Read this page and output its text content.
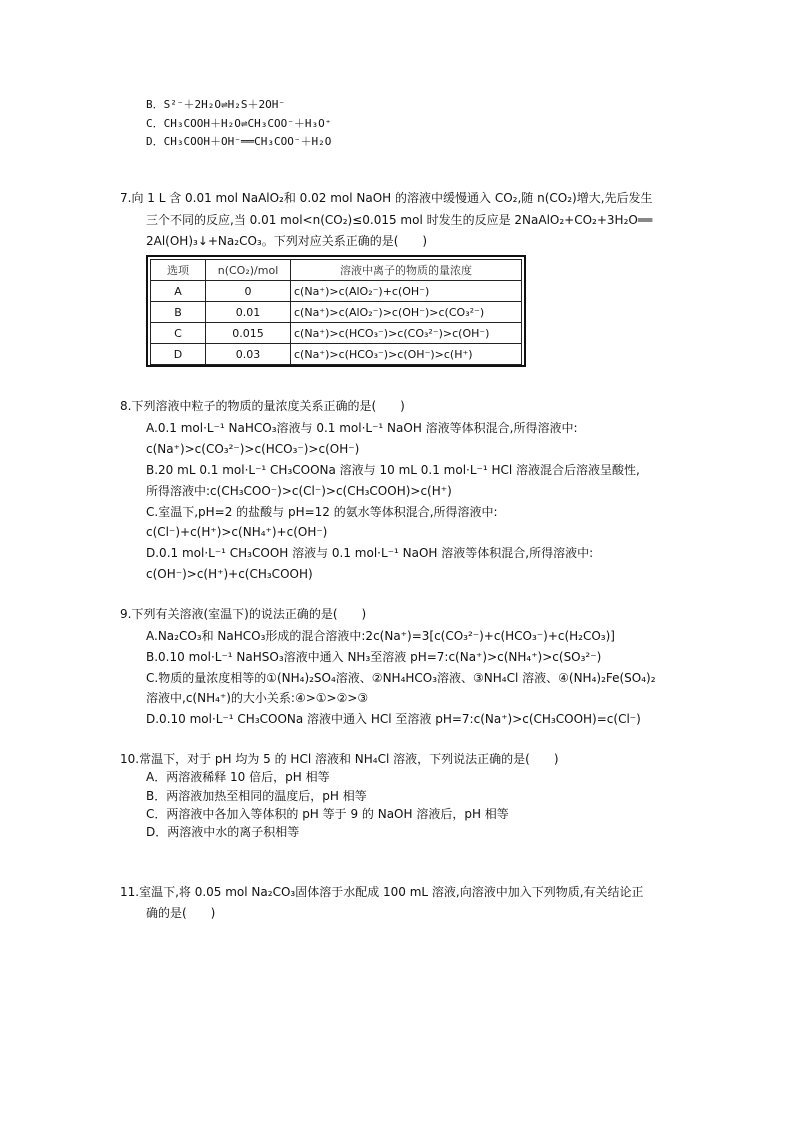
B．S²⁻＋2H₂O⇌H₂S＋2OH⁻
C．CH₃COOH＋H₂O⇌CH₃COO⁻＋H₃O⁺
D．CH₃COOH＋OH⁻══CH₃COO⁻＋H₂O
7.向 1 L 含 0.01 mol NaAlO₂和 0.02 mol NaOH 的溶液中缓慢通入 CO₂,随 n(CO₂)增大,先后发生
三个不同的反应,当 0.01 mol<n(CO₂)≤0.015 mol 时发生的反应是 2NaAlO₂+CO₂+3H₂O══
2Al(OH)₃↓+Na₂CO₃。下列对应关系正确的是(　　)
选项	n(CO₂)/mol	溶液中离子的物质的量浓度
A	0	c(Na⁺)>c(AlO₂⁻)+c(OH⁻)
B	0.01	c(Na⁺)>c(AlO₂⁻)>c(OH⁻)>c(CO₃²⁻)
C	0.015	c(Na⁺)>c(HCO₃⁻)>c(CO₃²⁻)>c(OH⁻)
D	0.03	c(Na⁺)>c(HCO₃⁻)>c(OH⁻)>c(H⁺)
8.下列溶液中粒子的物质的量浓度关系正确的是(　　)
A.0.1 mol·L⁻¹ NaHCO₃溶液与 0.1 mol·L⁻¹ NaOH 溶液等体积混合,所得溶液中:
c(Na⁺)>c(CO₃²⁻)>c(HCO₃⁻)>c(OH⁻)
B.20 mL 0.1 mol·L⁻¹ CH₃COONa 溶液与 10 mL 0.1 mol·L⁻¹ HCl 溶液混合后溶液呈酸性,
所得溶液中:c(CH₃COO⁻)>c(Cl⁻)>c(CH₃COOH)>c(H⁺)
C.室温下,pH=2 的盐酸与 pH=12 的氨水等体积混合,所得溶液中:
c(Cl⁻)+c(H⁺)>c(NH₄⁺)+c(OH⁻)
D.0.1 mol·L⁻¹ CH₃COOH 溶液与 0.1 mol·L⁻¹ NaOH 溶液等体积混合,所得溶液中:
c(OH⁻)>c(H⁺)+c(CH₃COOH)
9.下列有关溶液(室温下)的说法正确的是(　　)
A.Na₂CO₃和 NaHCO₃形成的混合溶液中:2c(Na⁺)=3[c(CO₃²⁻)+c(HCO₃⁻)+c(H₂CO₃)]
B.0.10 mol·L⁻¹ NaHSO₃溶液中通入 NH₃至溶液 pH=7:c(Na⁺)>c(NH₄⁺)>c(SO₃²⁻)
C.物质的量浓度相等的①(NH₄)₂SO₄溶液、②NH₄HCO₃溶液、③NH₄Cl 溶液、④(NH₄)₂Fe(SO₄)₂
溶液中,c(NH₄⁺)的大小关系:④>①>②>③
D.0.10 mol·L⁻¹ CH₃COONa 溶液中通入 HCl 至溶液 pH=7:c(Na⁺)>c(CH₃COOH)=c(Cl⁻)
10.常温下，对于 pH 均为 5 的 HCl 溶液和 NH₄Cl 溶液，下列说法正确的是(　　)
A．两溶液稀释 10 倍后，pH 相等
B．两溶液加热至相同的温度后，pH 相等
C．两溶液中各加入等体积的 pH 等于 9 的 NaOH 溶液后，pH 相等
D．两溶液中水的离子积相等
11.室温下,将 0.05 mol Na₂CO₃固体溶于水配成 100 mL 溶液,向溶液中加入下列物质,有关结论正
确的是(　　)
